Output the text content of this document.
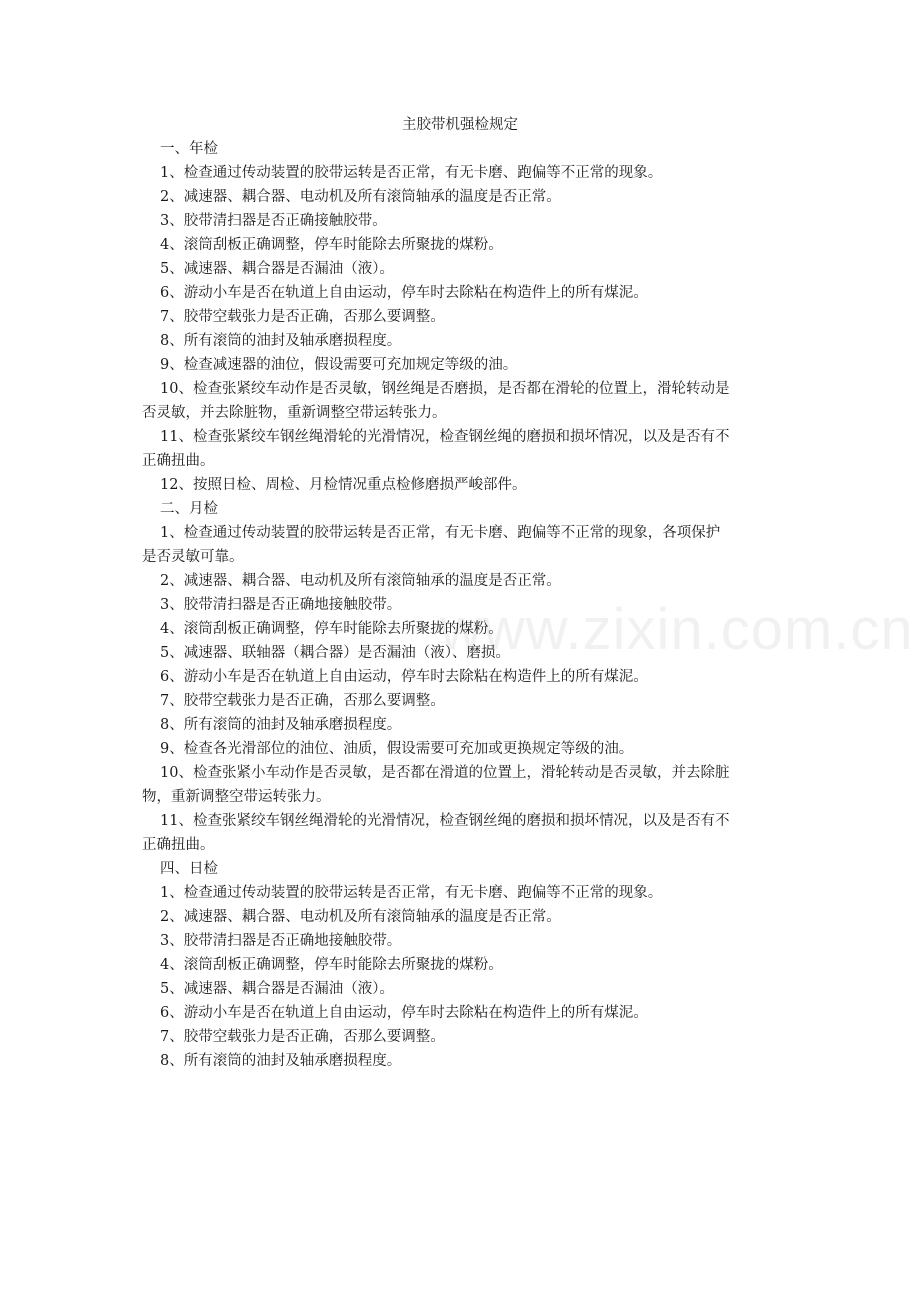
www.zixin.com.cn
主胶带机强检规定
一、年检
1、检查通过传动装置的胶带运转是否正常，有无卡磨、跑偏等不正常的现象。
2、减速器、耦合器、电动机及所有滚筒轴承的温度是否正常。
3、胶带清扫器是否正确接触胶带。
4、滚筒刮板正确调整，停车时能除去所聚拢的煤粉。
5、减速器、耦合器是否漏油（液）。
6、游动小车是否在轨道上自由运动，停车时去除粘在构造件上的所有煤泥。
7、胶带空载张力是否正确，否那么要调整。
8、所有滚筒的油封及轴承磨损程度。
9、检查减速器的油位，假设需要可充加规定等级的油。
10、检查张紧绞车动作是否灵敏，钢丝绳是否磨损，是否都在滑轮的位置上，滑轮转动是
否灵敏，并去除脏物，重新调整空带运转张力。
11、检查张紧绞车钢丝绳滑轮的光滑情况，检查钢丝绳的磨损和损坏情况，以及是否有不
正确扭曲。
12、按照日检、周检、月检情况重点检修磨损严峻部件。
二、月检
1、检查通过传动装置的胶带运转是否正常，有无卡磨、跑偏等不正常的现象，各项保护
是否灵敏可靠。
2、减速器、耦合器、电动机及所有滚筒轴承的温度是否正常。
3、胶带清扫器是否正确地接触胶带。
4、滚筒刮板正确调整，停车时能除去所聚拢的煤粉。
5、减速器、联轴器（耦合器）是否漏油（液）、磨损。
6、游动小车是否在轨道上自由运动，停车时去除粘在构造件上的所有煤泥。
7、胶带空载张力是否正确，否那么要调整。
8、所有滚筒的油封及轴承磨损程度。
9、检查各光滑部位的油位、油质，假设需要可充加或更换规定等级的油。
10、检查张紧小车动作是否灵敏，是否都在滑道的位置上，滑轮转动是否灵敏，并去除脏
物，重新调整空带运转张力。
11、检查张紧绞车钢丝绳滑轮的光滑情况，检查钢丝绳的磨损和损坏情况，以及是否有不
正确扭曲。
四、日检
1、检查通过传动装置的胶带运转是否正常，有无卡磨、跑偏等不正常的现象。
2、减速器、耦合器、电动机及所有滚筒轴承的温度是否正常。
3、胶带清扫器是否正确地接触胶带。
4、滚筒刮板正确调整，停车时能除去所聚拢的煤粉。
5、减速器、耦合器是否漏油（液）。
6、游动小车是否在轨道上自由运动，停车时去除粘在构造件上的所有煤泥。
7、胶带空载张力是否正确，否那么要调整。
8、所有滚筒的油封及轴承磨损程度。
